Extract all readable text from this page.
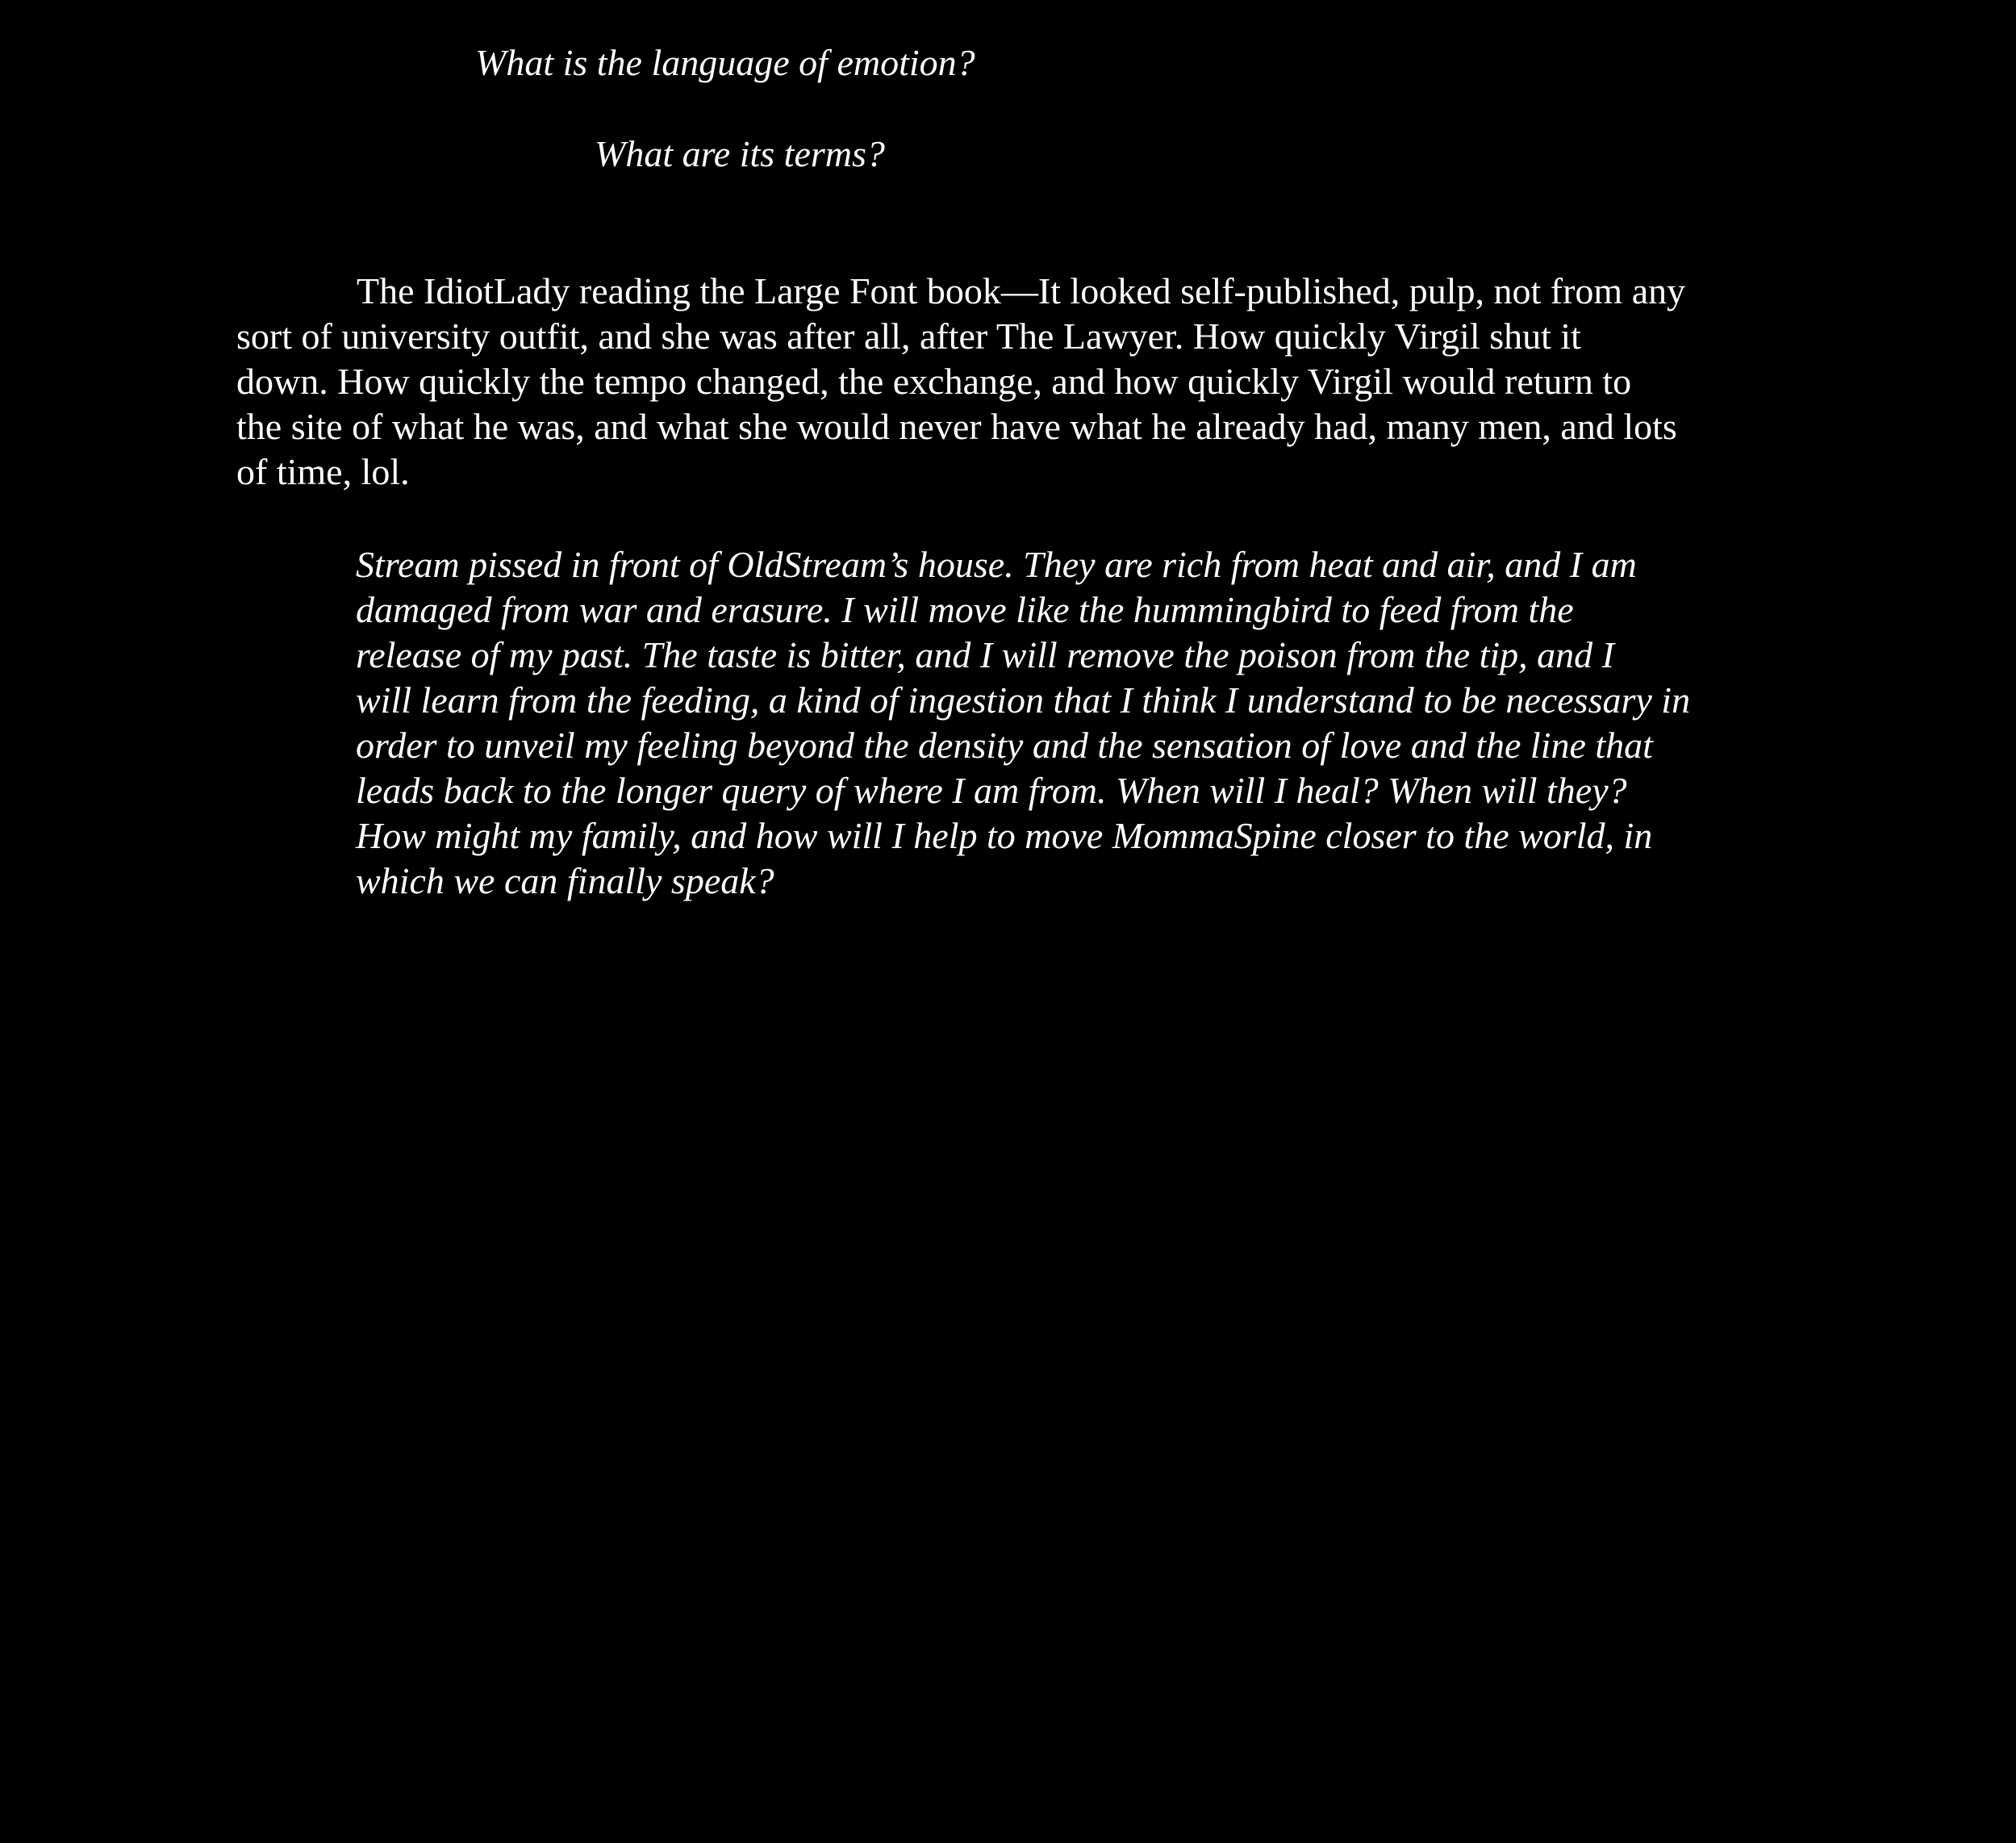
What is the language of emotion?
What are its terms?
The IdiotLady reading the Large Font book—It looked self-published, pulp, not from any
sort of university outfit, and she was after all, after The Lawyer. How quickly Virgil shut it
down. How quickly the tempo changed, the exchange, and how quickly Virgil would return to
the site of what he was, and what she would never have what he already had, many men, and lots
of time, lol.
Stream pissed in front of OldStream’s house. They are rich from heat and air, and I am
damaged from war and erasure. I will move like the hummingbird to feed from the
release of my past. The taste is bitter, and I will remove the poison from the tip, and I
will learn from the feeding, a kind of ingestion that I think I understand to be necessary in
order to unveil my feeling beyond the density and the sensation of love and the line that
leads back to the longer query of where I am from. When will I heal? When will they?
How might my family, and how will I help to move MommaSpine closer to the world, in
which we can finally speak?
